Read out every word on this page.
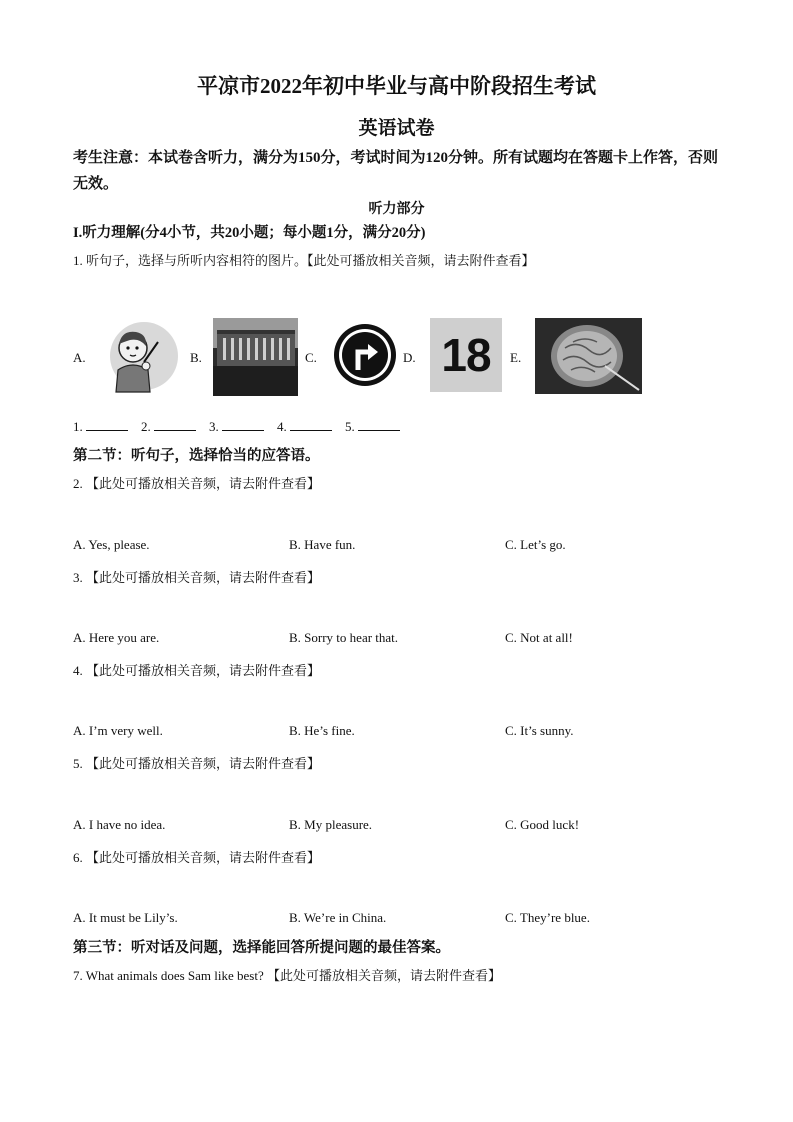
平凉市2022年初中毕业与高中阶段招生考试
英语试卷
考生注意：本试卷含听力，满分为150分，考试时间为120分钟。所有试题均在答题卡上作答，否则无效。
听力部分
I.听力理解(分4小节，共20小题；每小题1分，满分20分)
1. 听句子，选择与所听内容相符的图片。【此处可播放相关音频，请去附件查看】
A.	B.	C.	D. 18 E.
1.	2.	3.	4.	5.
第二节：听句子，选择恰当的应答语。
2. 【此处可播放相关音频，请去附件查看】
A. Yes, please.	B. Have fun.	C. Let’s go.
3. 【此处可播放相关音频，请去附件查看】
A. Here you are.	B. Sorry to hear that.	C. Not at all!
4. 【此处可播放相关音频，请去附件查看】
A. I’m very well.	B. He’s fine.	C. It’s sunny.
5. 【此处可播放相关音频，请去附件查看】
A. I have no idea.	B. My pleasure.	C. Good luck!
6. 【此处可播放相关音频，请去附件查看】
A. It must be Lily’s.	B. We’re in China.	C. They’re blue.
第三节：听对话及问题，选择能回答所提问题的最佳答案。
7. What animals does Sam like best? 【此处可播放相关音频，请去附件查看】
